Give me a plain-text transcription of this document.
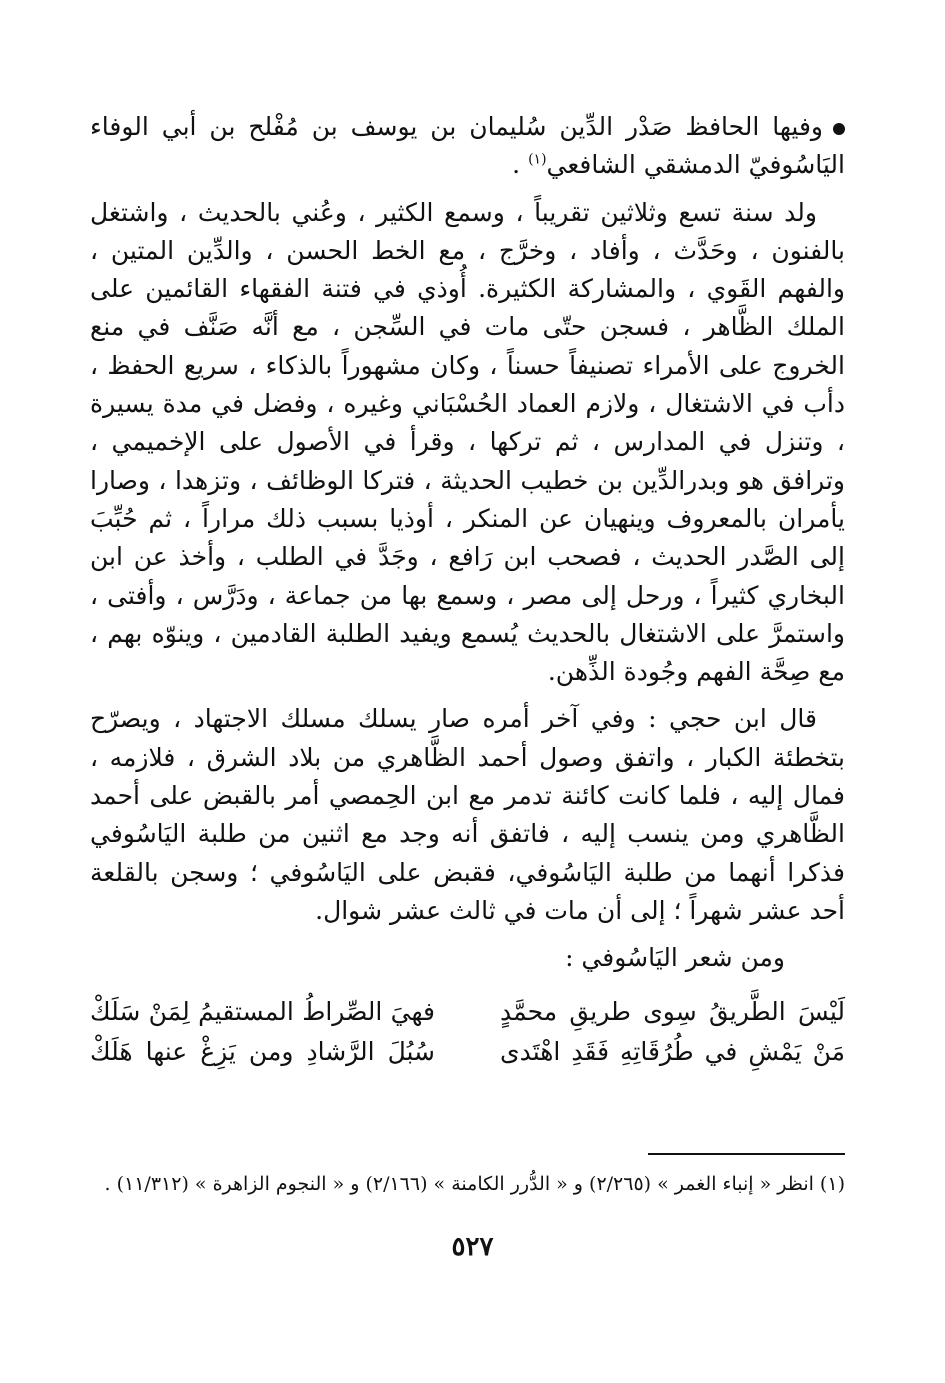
وفيها الحافظ صَدْر الدِّين سُليمان بن يوسف بن مُفْلح بن أبي الوفاء اليَاسُوفيّ الدمشقي الشافعي$^{(١)}$ .

ولد سنة تسع وثلاثين تقريباً ، وسمع الكثير ، وعُني بالحديث ، واشتغل بالفنون ، وحَدَّث ، وأفاد ، وخرَّج ، مع الخط الحسن ، والدِّين المتين ، والفهم القَوي ، والمشاركة الكثيرة. أُوذي في فتنة الفقهاء القائمين على الملك الظَّاهر ، فسجن حتّى مات في السِّجن ، مع أنَّه صَنَّف في منع الخروج على الأمراء تصنيفاً حسناً ، وكان مشهوراً بالذكاء ، سريع الحفظ ، دأب في الاشتغال ، ولازم العماد الحُسْبَاني وغيره ، وفضل في مدة يسيرة ، وتنزل في المدارس ، ثم تركها ، وقرأ في الأصول على الإخميمي ، وترافق هو وبدرالدِّين بن خطيب الحديثة ، فتركا الوظائف ، وتزهدا ، وصارا يأمران بالمعروف وينهيان عن المنكر ، أوذيا بسبب ذلك مراراً ، ثم حُبِّبَ إلى الصَّدر الحديث ، فصحب ابن رَافع ، وجَدَّ في الطلب ، وأخذ عن ابن البخاري كثيراً ، ورحل إلى مصر ، وسمع بها من جماعة ، ودَرَّس ، وأفتى ، واستمرَّ على الاشتغال بالحديث يُسمع ويفيد الطلبة القادمين ، وينوّه بهم ، مع صِحَّة الفهم وجُودة الذِّهن.

قال ابن حجي : وفي آخر أمره صار يسلك مسلك الاجتهاد ، ويصرّح بتخطئة الكبار ، واتفق وصول أحمد الظَّاهري من بلاد الشرق ، فلازمه ، فمال إليه ، فلما كانت كائنة تدمر مع ابن الحِمصي أمر بالقبض على أحمد الظَّاهري ومن ينسب إليه ، فاتفق أنه وجد مع اثنين من طلبة اليَاسُوفي فذكرا أنهما من طلبة اليَاسُوفي، فقبض على اليَاسُوفي ؛ وسجن بالقلعة أحد عشر شهراً ؛ إلى أن مات في ثالث عشر شوال.

ومن شعر اليَاسُوفي :

لَيْسَ الطَّريقُ سِوى طريقِ محمَّدٍ
فهيَ الصِّراطُ المستقيمُ لِمَنْ سَلَكْ
مَنْ يَمْشِ في طُرُقَاتِهِ فَقَدِ اهْتَدى
سُبُلَ الرَّشادِ ومن يَزِغْ عنها هَلَكْ
(١) انظر « إنباء الغمر » (٢/٢٦٥) و « الدُّرر الكامنة » (٢/١٦٦) و « النجوم الزاهرة » (١١/٣١٢) .
٥٢٧
